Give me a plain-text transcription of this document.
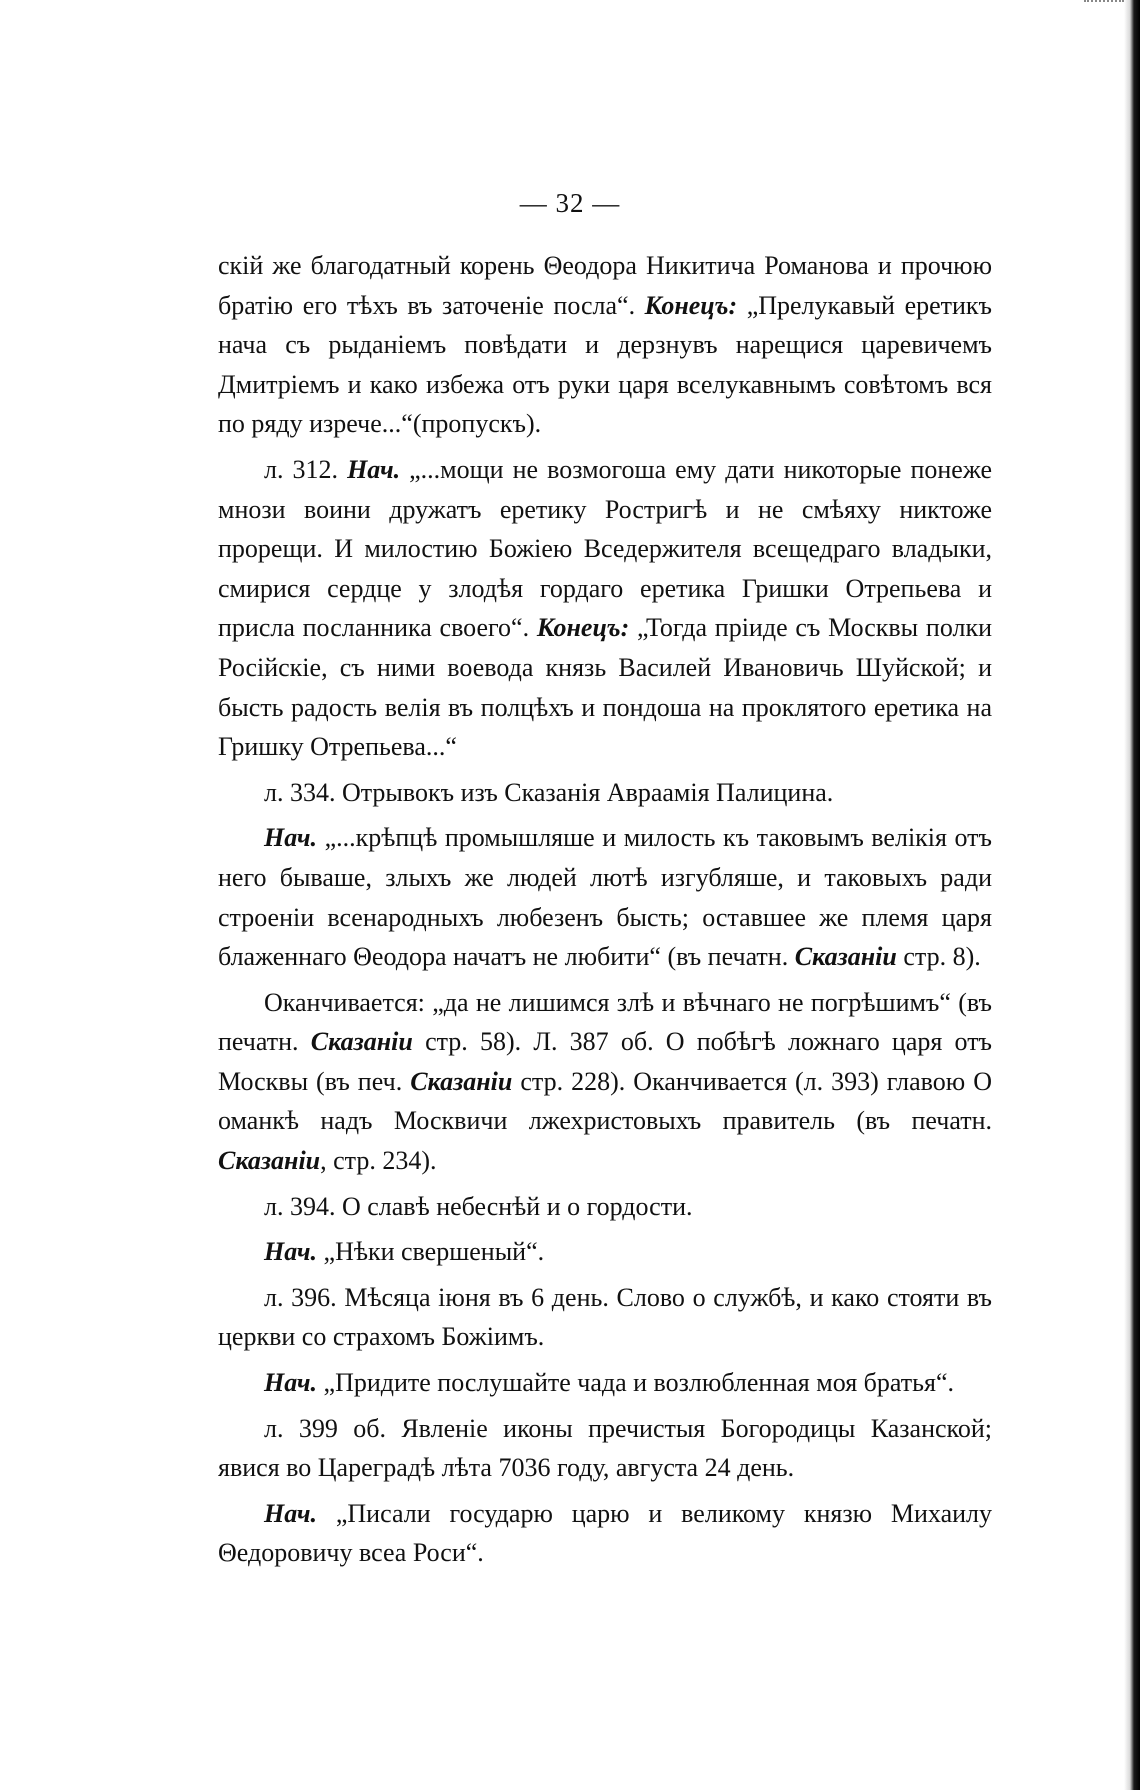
— 32 —

скій же благодатный корень Θеодора Никитича Романова и прочюю братію его тѣхъ въ заточеніе посла“. Конецъ: „Прелукавый еретикъ нача съ рыданіемъ повѣдати и дерзнувъ нарещися царевичемъ Дмитріемъ и како избежа отъ руки царя вселукавнымъ совѣтомъ вся по ряду изрече...“(пропускъ).

л. 312. Нач. „...мощи не возмогоша ему дати никоторые понеже мнози воини дружатъ еретику Ростригѣ и не смѣяху никтоже прорещи. И милостию Божіею Вседержителя всещедраго владыки, смирися сердце у злодѣя гордаго еретика Гришки Отрепьева и присла посланника своего“. Конецъ: „Тогда пріиде съ Москвы полки Російскіе, съ ними воевода князь Василей Ивановичь Шуйской; и бысть радость велія въ полцѣхъ и пондоша на проклятого еретика на Гришку Отрепьева...“

л. 334. Отрывокъ изъ Сказанія Авраамія Палицина.

Нач. „...крѣпцѣ промышляше и милость къ таковымъ велікія отъ него бываше, злыхъ же людей лютѣ изгубляше, и таковыхъ ради строеніи всенародныхъ любезенъ бысть; оставшее же племя царя блаженнаго Θеодора начатъ не любити“ (въ печатн. Сказаніи стр. 8).

Оканчивается: „да не лишимся злѣ и вѣчнаго не погрѣшимъ“ (въ печатн. Сказаніи стр. 58). Л. 387 об. О побѣгѣ ложнаго царя отъ Москвы (въ печ. Сказаніи стр. 228). Оканчивается (л. 393) главою О оманкѣ надъ Москвичи лжехристовыхъ правитель (въ печатн. Сказаніи, стр. 234).

л. 394. О славѣ небеснѣй и о гордости.

Нач. „Нѣки свершеный“.

л. 396. Мѣсяца іюня въ 6 день. Слово о службѣ, и како стояти въ церкви со страхомъ Божіимъ.

Нач. „Придите послушайте чада и возлюбленная моя братья“.

л. 399 об. Явленіе иконы пречистыя Богородицы Казанской; явися во Цареградѣ лѣта 7036 году, августа 24 день.

Нач. „Писали государю царю и великому князю Михаилу Θедоровичу всеа Роси“.
